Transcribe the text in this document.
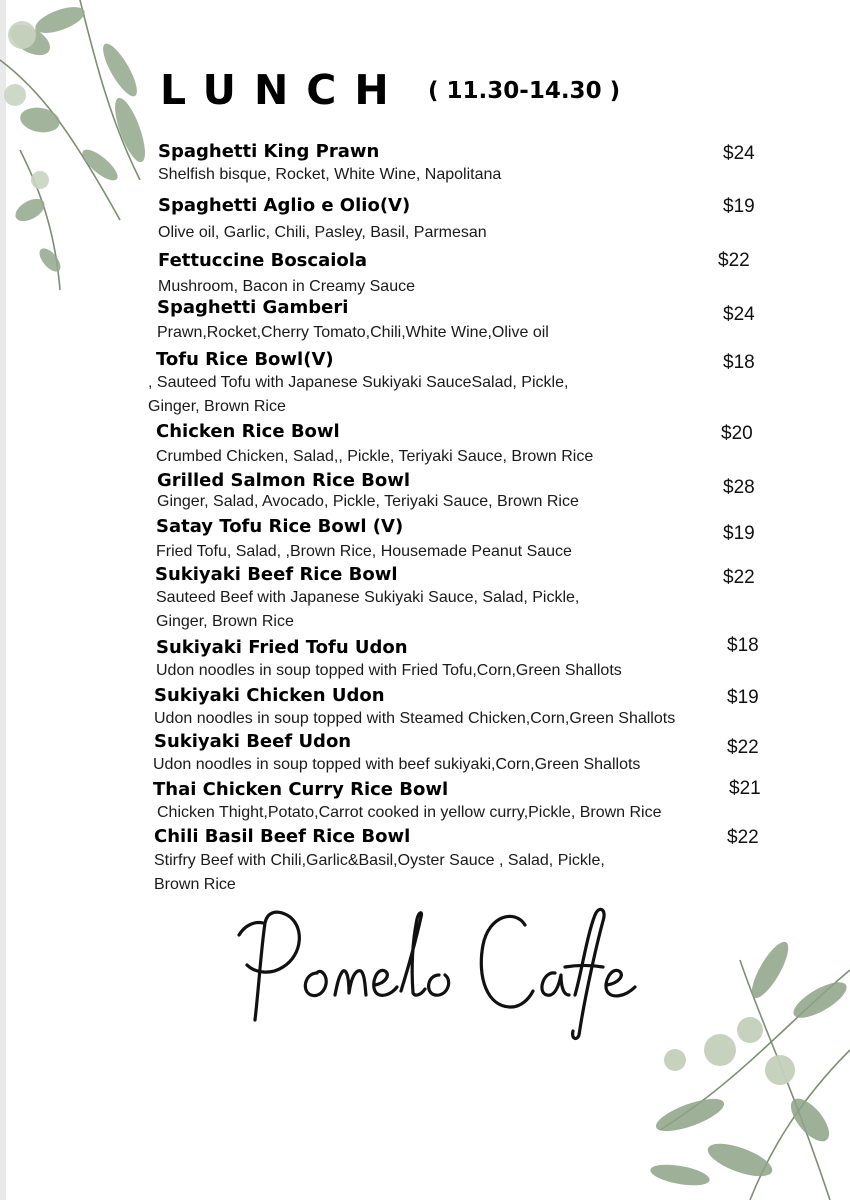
LUNCH ( 11.30-14.30 )
Spaghetti King Prawn
Shelfish bisque, Rocket, White Wine, Napolitana
$24
Spaghetti Aglio e Olio(V)
Olive oil, Garlic, Chili, Pasley, Basil, Parmesan
$19
Fettuccine Boscaiola
Mushroom, Bacon in Creamy Sauce
$22
Spaghetti Gamberi
Prawn,Rocket,Cherry Tomato,Chili,White Wine,Olive oil
$24
Tofu Rice Bowl(V)
, Sauteed Tofu with Japanese Sukiyaki SauceSalad, Pickle,
Ginger, Brown Rice
$18
Chicken Rice Bowl
Crumbed Chicken, Salad,, Pickle, Teriyaki Sauce, Brown Rice
$20
Grilled Salmon Rice Bowl
Ginger, Salad, Avocado, Pickle, Teriyaki Sauce, Brown Rice
$28
Satay Tofu Rice Bowl (V)
Fried Tofu, Salad, ,Brown Rice, Housemade Peanut Sauce
$19
Sukiyaki Beef Rice Bowl
Sauteed Beef with Japanese Sukiyaki Sauce, Salad, Pickle,
Ginger, Brown Rice
$22
Sukiyaki Fried Tofu Udon
Udon noodles in soup topped with Fried Tofu,Corn,Green Shallots
$18
Sukiyaki Chicken Udon
Udon noodles in soup topped with Steamed Chicken,Corn,Green Shallots
$19
Sukiyaki Beef Udon
Udon noodles in soup topped with beef sukiyaki,Corn,Green Shallots
$22
Thai Chicken Curry Rice Bowl
Chicken Thight,Potato,Carrot cooked in yellow curry,Pickle, Brown Rice
$21
Chili Basil Beef Rice Bowl
Stirfry Beef with Chili,Garlic&Basil,Oyster Sauce , Salad, Pickle,
Brown Rice
$22
